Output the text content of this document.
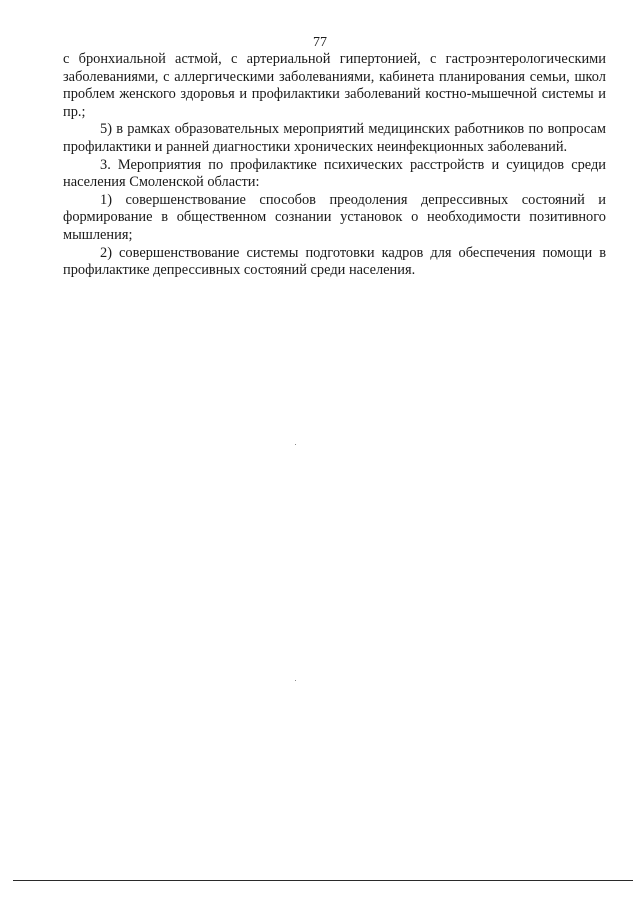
77

с бронхиальной астмой, с артериальной гипертонией, с гастроэнтерологическими заболеваниями, с аллергическими заболеваниями, кабинета планирования семьи, школ проблем женского здоровья и профилактики заболеваний костно-мышечной системы и пр.;

5) в рамках образовательных мероприятий медицинских работников по вопросам профилактики и ранней диагностики хронических неинфекционных заболеваний.

3. Мероприятия по профилактике психических расстройств и суицидов среди населения Смоленской области:

1) совершенствование способов преодоления депрессивных состояний и формирование в общественном сознании установок о необходимости позитивного мышления;

2) совершенствование системы подготовки кадров для обеспечения помощи в профилактике депрессивных состояний среди населения.
